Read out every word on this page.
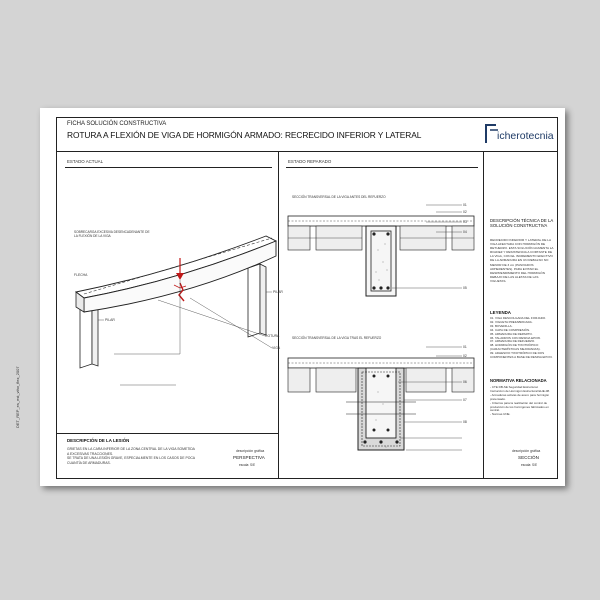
FICHA SOLUCIÓN CONSTRUCTIVA
ROTURA A FLEXIÓN DE VIGA DE HORMIGÓN ARMADO: RECRECIDO INFERIOR Y LATERAL	icherotecnia
DET_REP_es_est_viho_flex_2007
ESTADO ACTUAL
SOBRECARGA EXCESIVA DESENCADENANTE DE LA FLEXIÓN DE LA VIGA
FLECHA
PILAR
PILAR
ROTURA
VIGA
DESCRIPCIÓN DE LA LESIÓN
GRIETAS EN LA CARA INFERIOR DE LA ZONA CENTRAL DE LA VIGA SOMETIDA
A EXCESIVAS TRACCIONES.
SE TRATA DE UNA LESIÓN GRAVE, ESPECIALMENTE EN LOS CASOS DE POCA
CUANTÍA DE ARMADURAS.
descripción gráfica
PERSPECTIVA
escala: S/E
ESTADO REPARADO
SECCIÓN TRANSVERSAL DE LA VIGA ANTES DEL REFUERZO
SECCIÓN TRANSVERSAL DE LA VIGA TRAS EL REFUERZO
01
02
03
04
05
01
02
06
07
08
DESCRIPCIÓN TÉCNICA DE LA SOLUCIÓN CONSTRUCTIVA
RECRECIDO INFERIOR Y LATERAL DE LA VIGA AFECTADA CON HORMIGÓN DE RETUERZO. ESTA SOLUCIÓN AUMENTA LA RIGIDEZ Y RESISTENCIA A CORTANTE DE LA VIGA, CON EL INCREMENTO EFECTIVO DE LA ARMADURA EN UN REBALSO NO MENOR DE 3 cm (PASIVADOS ADHERENTES). PARA EVITAR EL DESPRENDIMIENTO DEL HORMIGÓN DEBAJO DE LAS ALETAS DE LAS VIGUETAS.
LEYENDA
01. VIGA DESCOLGADA DEL FORJADO.
02. VIGUETA PREFABRICADA.
03. BOVEDILLA.
04. CAPA DE COMPRESIÓN.
05. ARMADURA DE REPARTO.
06. TALADROS CON RESINA EPOXI.
07. ARMADURA DE REFUERZO.
08. HORMIGÓN DE TIXOTRÓPICO (CARACTERÍSTICAS MEJORADAS).
09. ADHESIVO TIXOTRÓPICO DE DOS COMPONENTES A BASE DE RESINA EPOXI.
NORMATIVA RELACIONADA
- CTE DB-SE Seguridad Estructural.
Instrucción de Hormigón Estructural EHE-08.
- Armaduras activas de acero para hormigón pretensado.
- Criterios para la realización del control de producción de los hormigones fabricados en central.
- Normas UNE.
descripción gráfica
SECCIÓN
escala: S/E
